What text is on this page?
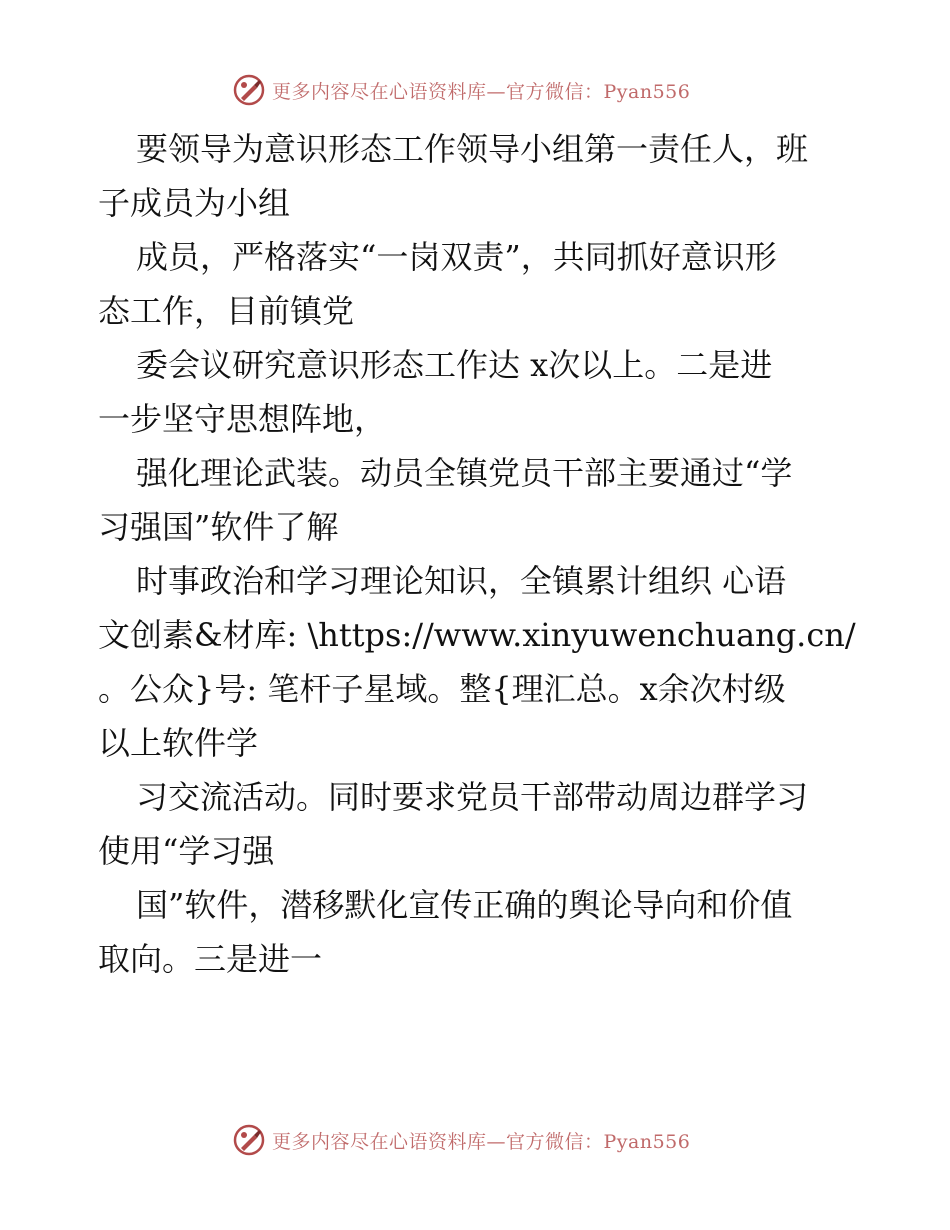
更多内容尽在心语资料库—官方微信：Pyan556
要领导为意识形态工作领导小组第一责任人，班
子成员为小组
成员，严格落实“一岗双责”，共同抓好意识形
态工作，目前镇党
委会议研究意识形态工作达 x次以上。二是进
一步坚守思想阵地，
强化理论武装。动员全镇党员干部主要通过“学
习强国”软件了解
时事政治和学习理论知识，全镇累计组织 心语
文创素&材库: \https://www.xinyuwenchuang.cn/
。公众}号: 笔杆子星域。整{理汇总。x余次村级
以上软件学
习交流活动。同时要求党员干部带动周边群学习
使用“学习强
国”软件，潜移默化宣传正确的舆论导向和价值
取向。三是进一
更多内容尽在心语资料库—官方微信：Pyan556
